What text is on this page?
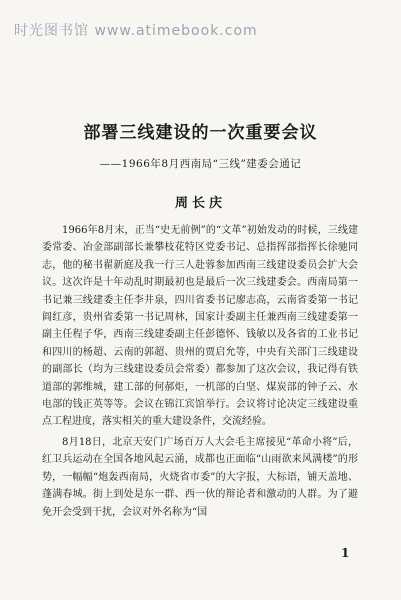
时光图书馆 www.atimebook.com
部署三线建设的一次重要会议
——1966年8月西南局“三线”建委会通记
周长庆

1966年8月末，正当“史无前例”的“文革”初始发动的时候，三线建委常委、冶金部副部长兼攀枝花特区党委书记、总指挥部指挥长徐驰同志，他的秘书翟新庭及我一行三人赴蓉参加西南三线建设委员会扩大会议。这次许是十年动乱时期最初也是最后一次三线建委会。西南局第一书记兼三线建委主任李井泉，四川省委书记廖志高，云南省委第一书记阎红彦，贵州省委第一书记周林，国家计委副主任兼西南三线建委第一副主任程子华，西南三线建委副主任彭德怀、钱敏以及各省的工业书记和四川的杨超、云南的郭超、贵州的贾启允等，中央有关部门三线建设的副部长（均为三线建设委员会常委）都参加了这次会议，我记得有铁道部的郭维城，建工部的何郝炬，一机部的白坚、煤炭部的钟子云、水电部的钱正英等等。会议在锦江宾馆举行。会议将讨论决定三线建设重点工程进度，落实相关的重大建设条件，交流经验。

8月18日，北京天安门广场百万人大会毛主席接见“革命小将”后，红卫兵运动在全国各地风起云涌，成都也正面临“山雨欲来风满楼”的形势，一幅幅“炮轰西南局，火烧省市委”的大字报，大标语，铺天盖地、蓬满春城。街上到处是东一群、西一伙的辩论者和激动的人群。为了避免开会受到干扰，会议对外名称为“国

1
